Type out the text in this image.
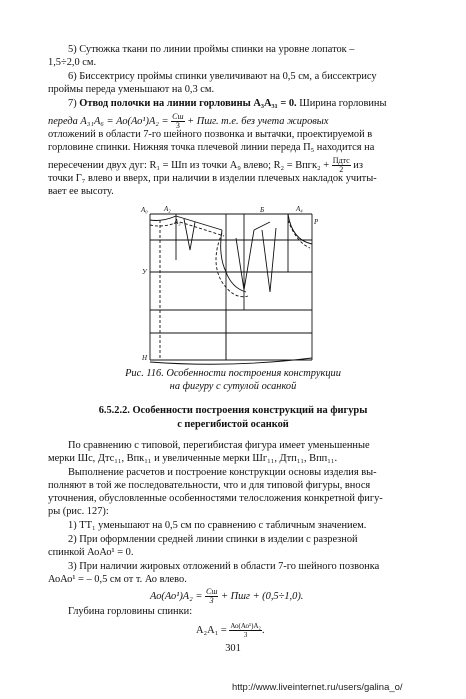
5) Сутюжка ткани по линии проймы спинки на уровне лопаток –
1,5÷2,0 см.
6) Биссектрису проймы спинки увеличивают на 0,5 см, а биссектрису
проймы переда уменьшают на 0,3 см.
7) Отвод полочки на линии горловины А₃А₃₁ = 0. Ширина горловины
переда $А_{31}А_6 = Ао(Ао^1)А_2 = \frac{Сш}{3}$ + Пшг. т.е. без учета жировых
отложений в области 7-го шейного позвонка и вытачки, проектируемой в
горловине спинки. Нижняя точка плечевой линии переда П₅ находится на
пересечении двух дуг: R₁ = Шп из точки А₉ влево; R₂ = Впгк₂ + $\frac{\text{Пдтс}}{2}$ из
точки Г₇ влево и вверх, при наличии в изделии плечевых накладок учиты-
вает ее высоту.
А₀ А₂
А₃
Б	А₄
Р
У
Н
Рис. 116. Особенности построения конструкции
на фигуру с сутулой осанкой
6.5.2.2. Особенности построения конструкций на фигуры
с перегибистой осанкой
По сравнению с типовой, перегибистая фигура имеет уменьшенные
мерки Шс, Дтс₁₁, Впк₁₁ и увеличенные мерки Шг₁₁, Дтп₁₁, Впп₁₁.
Выполнение расчетов и построение конструкции основы изделия вы-
полняют в той же последовательности, что и для типовой фигуры, внося
уточнения, обусловленные особенностями телосложения конкретной фигу-
ры (рис. 127):
1) ТТ₁ уменьшают на 0,5 см по сравнению с табличным значением.
2) При оформлении средней линии спинки в изделии с разрезной
спинкой АоАо¹ = 0.
3) При наличии жировых отложений в области 7-го шейного позвонка
АоАо¹ = – 0,5 см от т. Ао влево.
$Ао(Ао^1)А_2 = \frac{Сш}{3}$ + Пшг + (0,5÷1,0).
Глубина горловины спинки:
$А_2А_1 = \frac{\text{Ао(Ао¹)А₂}}{3}$ .
301
http://www.liveinternet.ru/users/galina_o/
